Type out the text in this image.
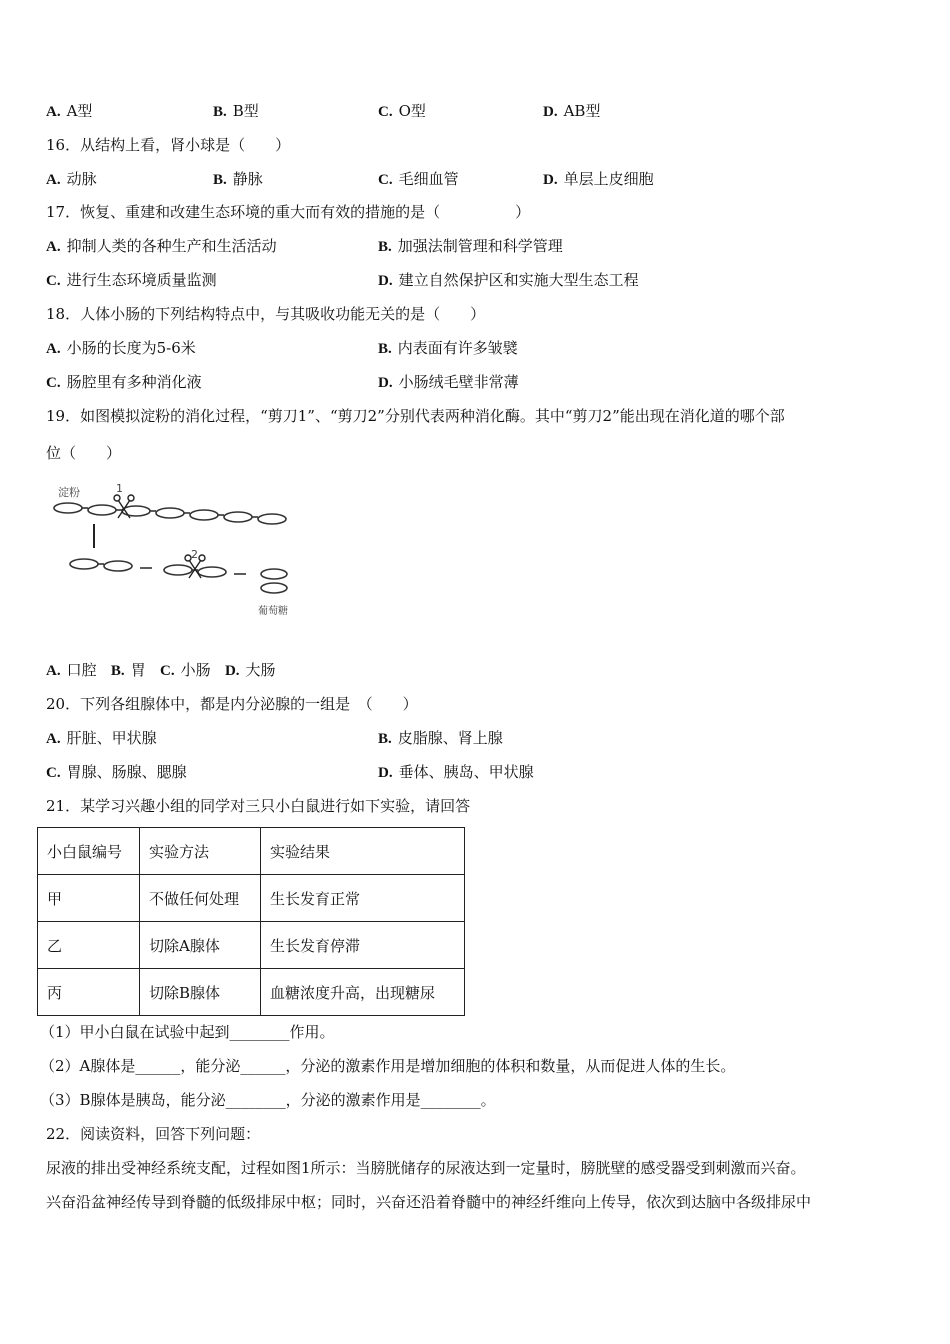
A. A型	B. B型	C. O型	D. AB型
16．从结构上看，肾小球是（　　）
A. 动脉	B. 静脉	C. 毛细血管	D. 单层上皮细胞
17．恢复、重建和改建生态环境的重大而有效的措施的是（　　　　　）
A. 抑制人类的各种生产和生活活动	B. 加强法制管理和科学管理
C. 进行生态环境质量监测	D. 建立自然保护区和实施大型生态工程
18．人体小肠的下列结构特点中，与其吸收功能无关的是（　　）
A. 小肠的长度为5-6米	B. 内表面有许多皱襞
C. 肠腔里有多种消化液	D. 小肠绒毛壁非常薄
19．如图模拟淀粉的消化过程，“剪刀1”、“剪刀2”分别代表两种消化酶。其中“剪刀2”能出现在消化道的哪个部
位（　　）
淀粉	1
2
葡萄糖
A. 口腔 B. 胃 C. 小肠 D. 大肠
20．下列各组腺体中，都是内分泌腺的一组是　（　　）
A. 肝脏、甲状腺	B. 皮脂腺、肾上腺
C. 胃腺、肠腺、腮腺	D. 垂体、胰岛、甲状腺
21．某学习兴趣小组的同学对三只小白鼠进行如下实验，请回答
小白鼠编号	实验方法	实验结果
甲	不做任何处理	生长发育正常
乙	切除A腺体	生长发育停滞
丙	切除B腺体	血糖浓度升高，出现糖尿
（1）甲小白鼠在试验中起到________作用。
（2）A腺体是______，能分泌______，分泌的激素作用是增加细胞的体积和数量，从而促进人体的生长。
（3）B腺体是胰岛，能分泌________，分泌的激素作用是________。
22．阅读资料，回答下列问题：
尿液的排出受神经系统支配，过程如图1所示：当膀胱储存的尿液达到一定量时，膀胱壁的感受器受到刺激而兴奋。
兴奋沿盆神经传导到脊髓的低级排尿中枢；同时，兴奋还沿着脊髓中的神经纤维向上传导，依次到达脑中各级排尿中
